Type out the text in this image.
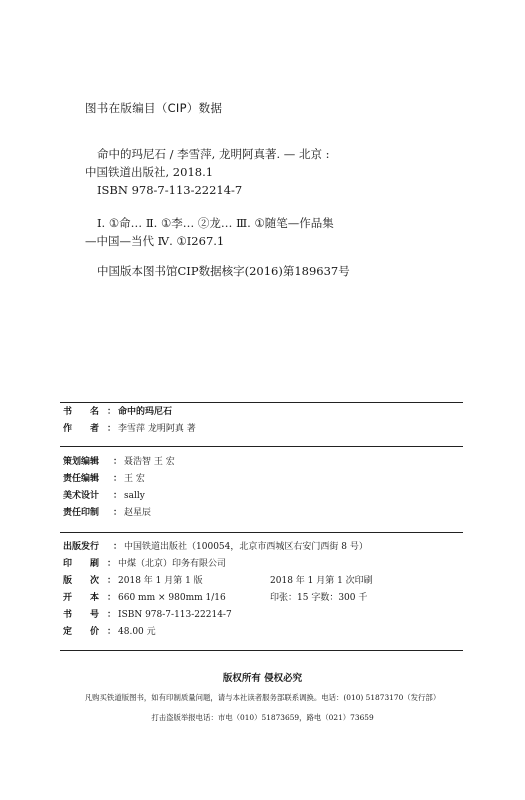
图书在版编目（CIP）数据
命中的玛尼石 / 李雪萍, 龙明阿真著. — 北京 :
中国铁道出版社, 2018.1
ISBN 978-7-113-22214-7
Ⅰ. ①命… Ⅱ. ①李… ②龙… Ⅲ. ①随笔—作品集
—中国—当代 Ⅳ. ①I267.1
中国版本图书馆CIP数据核字(2016)第189637号
书 名 ： 命中的玛尼石
作 者 ： 李雪萍 龙明阿真 著
策划编辑	： 聂浩智 王 宏
责任编辑	： 王 宏
美术设计	： sally
责任印制	： 赵星辰
出版发行	： 中国铁道出版社（100054，北京市西城区右安门西街 8 号）
印 刷 ： 中煤（北京）印务有限公司
版 次 ： 2018 年 1 月第 1 版	2018 年 1 月第 1 次印刷
开 本 ： 660 mm × 980mm 1/16	印张：15 字数：300 千
书 号 ： ISBN 978-7-113-22214-7
定 价 ： 48.00 元
版权所有 侵权必究
凡购买铁道版图书，如有印制质量问题，请与本社读者服务部联系调换。电话：(010) 51873170（发行部）
打击盗版举报电话：市电（010）51873659，路电（021）73659
